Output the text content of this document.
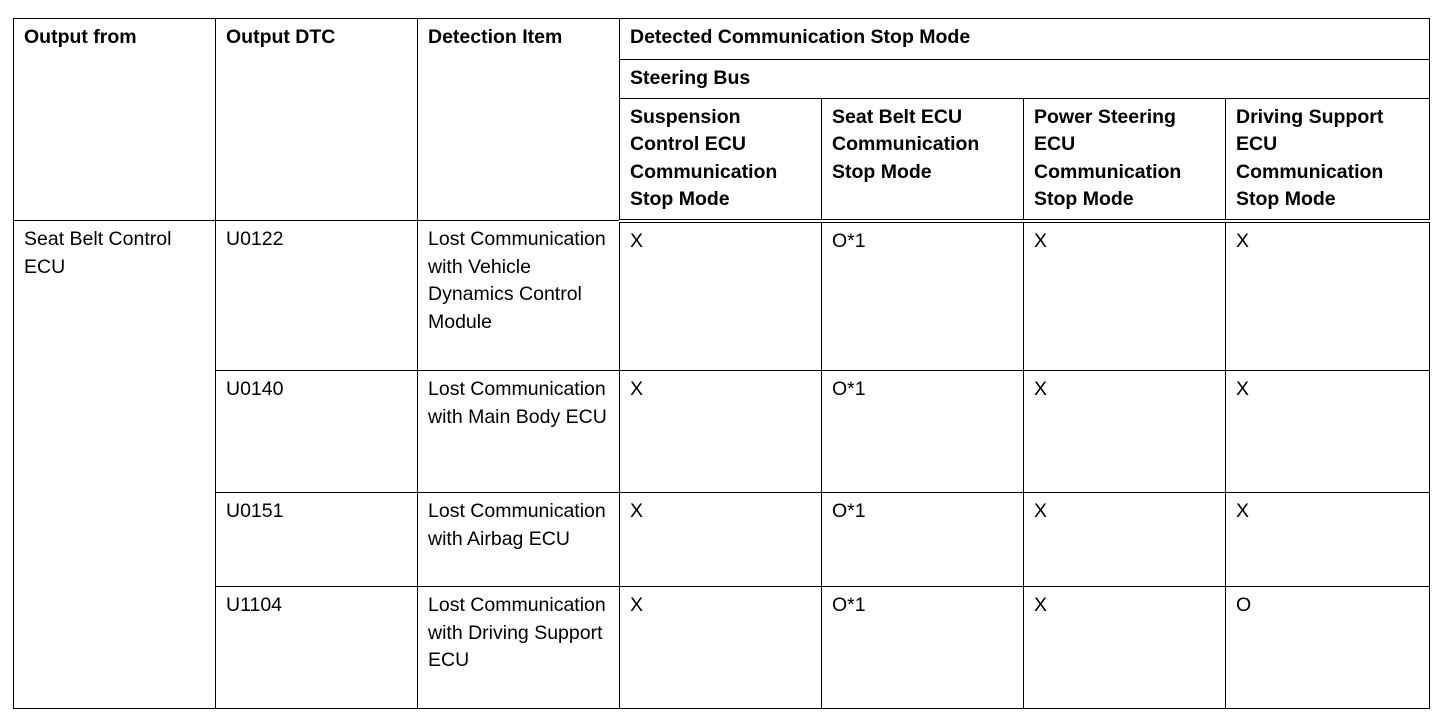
Output from	Output DTC	Detection Item	Detected Communication Stop Mode			
			Steering Bus			
			Suspension Control ECU Communication Stop Mode	Seat Belt ECU Communication Stop Mode	Power Steering ECU Communication Stop Mode	Driving Support ECU Communication Stop Mode
Seat Belt Control ECU	U0122	Lost Communication with Vehicle Dynamics Control Module	X	O*1	X	X
	U0140	Lost Communication with Main Body ECU	X	O*1	X	X
	U0151	Lost Communication with Airbag ECU	X	O*1	X	X
	U1104	Lost Communication with Driving Support ECU	X	O*1	X	O
